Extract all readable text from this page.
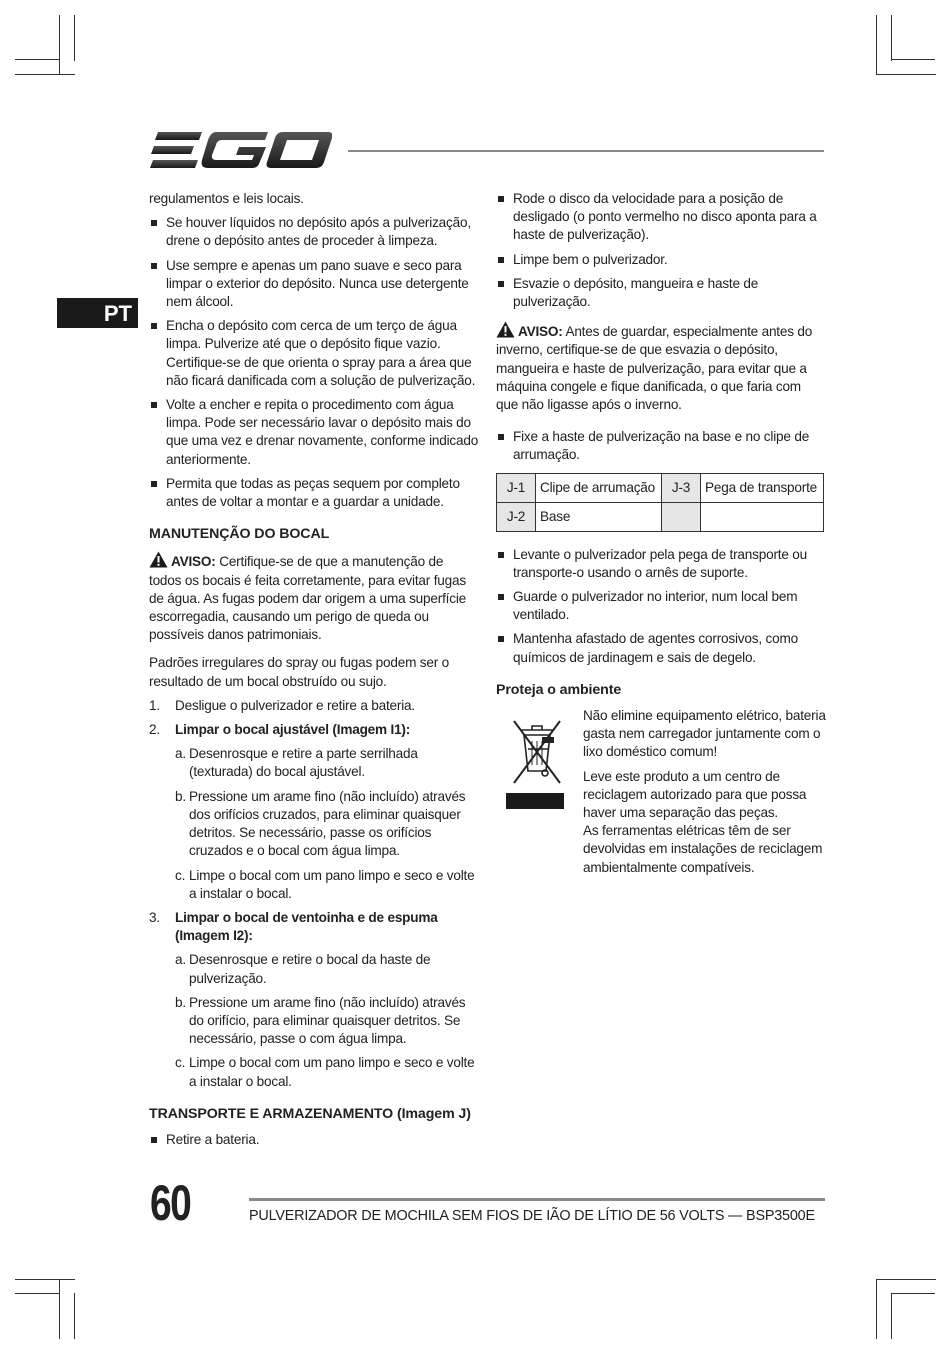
EGO
PT

regulamentos e leis locais.

Se houver líquidos no depósito após a pulverização, drene o depósito antes de proceder à limpeza.
Use sempre e apenas um pano suave e seco para limpar o exterior do depósito. Nunca use detergente nem álcool.
Encha o depósito com cerca de um terço de água limpa. Pulverize até que o depósito fique vazio. Certifique-se de que orienta o spray para a área que não ficará danificada com a solução de pulverização.
Volte a encher e repita o procedimento com água limpa. Pode ser necessário lavar o depósito mais do que uma vez e drenar novamente, conforme indicado anteriormente.
Permita que todas as peças sequem por completo antes de voltar a montar e a guardar a unidade.
MANUTENÇÃO DO BOCAL

AVISO: Certifique-se de que a manutenção de todos os bocais é feita corretamente, para evitar fugas de água. As fugas podem dar origem a uma superfície escorregadia, causando um perigo de queda ou possíveis danos patrimoniais.

Padrões irregulares do spray ou fugas podem ser o resultado de um bocal obstruído ou sujo.

1. Desligue o pulverizador e retire a bateria.
2. Limpar o bocal ajustável (Imagem I1):
a. Desenrosque e retire a parte serrilhada (texturada) do bocal ajustável.
b. Pressione um arame fino (não incluído) através dos orifícios cruzados, para eliminar quaisquer detritos. Se necessário, passe os orifícios cruzados e o bocal com água limpa.
c. Limpe o bocal com um pano limpo e seco e volte a instalar o bocal.
3. Limpar o bocal de ventoinha e de espuma (Imagem I2):
a. Desenrosque e retire o bocal da haste de pulverização.
b. Pressione um arame fino (não incluído) através do orifício, para eliminar quaisquer detritos. Se necessário, passe o com água limpa.
c. Limpe o bocal com um pano limpo e seco e volte a instalar o bocal.
TRANSPORTE E ARMAZENAMENTO (Imagem J)
Retire a bateria.
Rode o disco da velocidade para a posição de desligado (o ponto vermelho no disco aponta para a haste de pulverização).
Limpe bem o pulverizador.
Esvazie o depósito, mangueira e haste de pulverização.

AVISO: Antes de guardar, especialmente antes do inverno, certifique-se de que esvazia o depósito, mangueira e haste de pulverização, para evitar que a máquina congele e fique danificada, o que faria com que não ligasse após o inverno.

Fixe a haste de pulverização na base e no clipe de arrumação.
J-1	Clipe de arrumação	J-3	Pega de transporte
J-2	Base		
Levante o pulverizador pela pega de transporte ou transporte-o usando o arnês de suporte.
Guarde o pulverizador no interior, num local bem ventilado.
Mantenha afastado de agentes corrosivos, como químicos de jardinagem e sais de degelo.
Proteja o ambiente

Não elimine equipamento elétrico, bateria gasta nem carregador juntamente com o lixo doméstico comum!

Leve este produto a um centro de reciclagem autorizado para que possa haver uma separação das peças.

As ferramentas elétricas têm de ser devolvidas em instalações de reciclagem ambientalmente compatíveis.

60	PULVERIZADOR DE MOCHILA SEM FIOS DE IÃO DE LÍTIO DE 56 VOLTS — BSP3500E
